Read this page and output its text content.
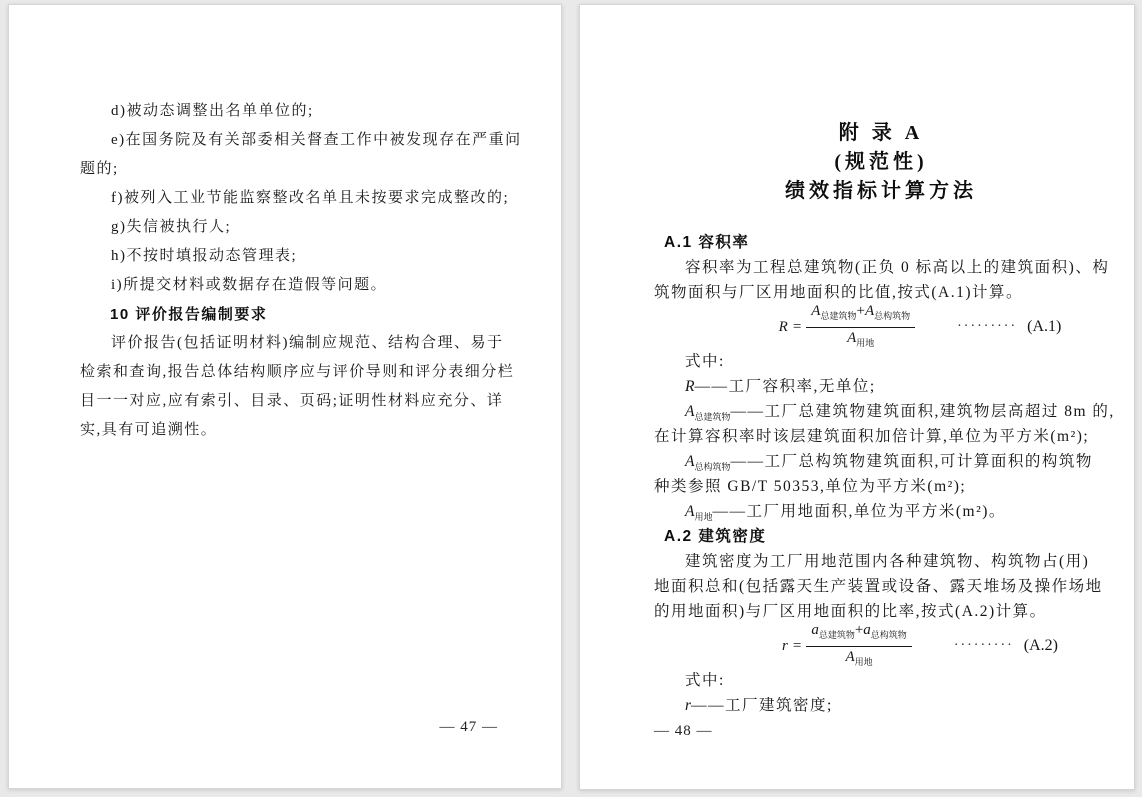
d)被动态调整出名单单位的;
e)在国务院及有关部委相关督查工作中被发现存在严重问
题的;
f)被列入工业节能监察整改名单且未按要求完成整改的;
g)失信被执行人;
h)不按时填报动态管理表;
i)所提交材料或数据存在造假等问题。
10 评价报告编制要求
评价报告(包括证明材料)编制应规范、结构合理、易于
检索和查询,报告总体结构顺序应与评价导则和评分表细分栏
目一一对应,应有索引、目录、页码;证明性材料应充分、详
实,具有可追溯性。
— 47 —
附 录 A
(规范性)
绩效指标计算方法
A.1 容积率
容积率为工程总建筑物(正负 0 标高以上的建筑面积)、构
筑物面积与厂区用地面积的比值,按式(A.1)计算。
$R = \frac{A_{总建筑物}+A_{总构筑物}}{A_{用地}}$	········· (A.1)
式中:
R——工厂容积率,无单位;
$A_{总建筑物}——$工厂总建筑物建筑面积,建筑物层高超过 8m 的,
在计算容积率时该层建筑面积加倍计算,单位为平方米(m²);
$A_{总构筑物}——$工厂总构筑物建筑面积,可计算面积的构筑物
种类参照 GB/T 50353,单位为平方米(m²);
$A_{用地}——$工厂用地面积,单位为平方米(m²)。
A.2 建筑密度
建筑密度为工厂用地范围内各种建筑物、构筑物占(用)
地面积总和(包括露天生产装置或设备、露天堆场及操作场地
的用地面积)与厂区用地面积的比率,按式(A.2)计算。
$r = \frac{a_{总建筑物}+a_{总构筑物}}{A_{用地}}$	········· (A.2)
式中:
r——工厂建筑密度;
— 48 —
